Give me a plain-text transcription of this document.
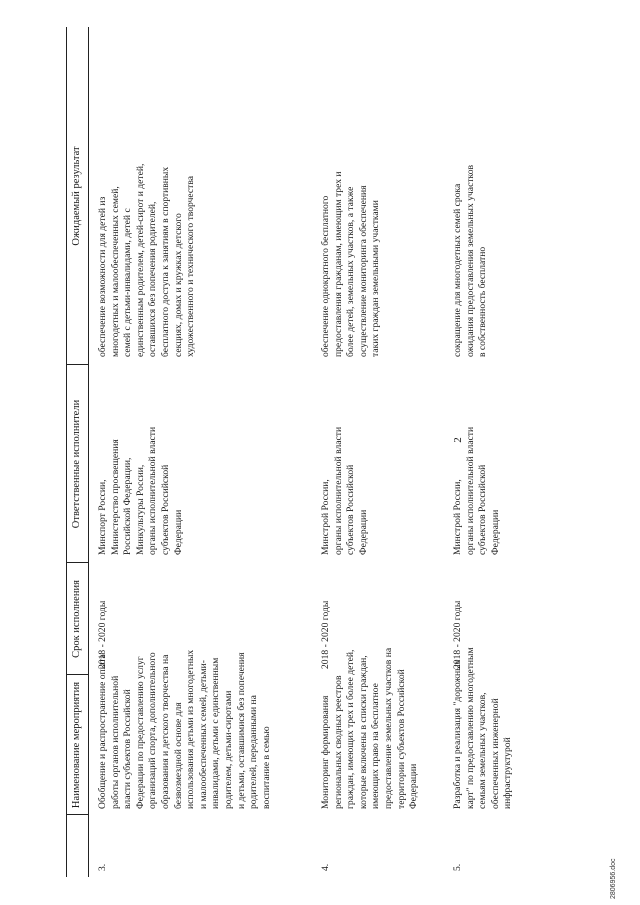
2
2806956.doc
Наименование мероприятия
Срок исполнения
Ответственные исполнители
Ожидаемый результат
3.
Обобщение и распространение опыта работы органов исполнительной власти субъектов Российской Федерации по предоставлению услуг организаций спорта, дополнительного образования и детского творчества на безвозмездной основе для использования детьми из многодетных и малообеспеченных семей, детьми- инвалидами, детьми с единственным родителем, детьми-сиротами и детьми, оставшимися без попечения родителей, переданными на воспитание в семью
2018 - 2020 годы
Минспорт России, Министерство просвещения Российской Федерации, Минкультуры России, органы исполнительной власти субъектов Российской Федерации
обеспечение возможности для детей из многодетных и малообеспеченных семей, семей с детьми-инвалидами, детей с единственным родителем, детей-сирот и детей, оставшихся без попечения родителей, бесплатного доступа к занятиям в спортивных секциях, домах и кружках детского художественного и технического творчества
4.
Мониторинг формирования региональных сводных реестров граждан, имеющих трех и более детей, которые включены в списки граждан, имеющих право на бесплатное предоставление земельных участков на территории субъектов Российской Федерации
2018 - 2020 годы
Минстрой России, органы исполнительной власти субъектов Российской Федерации
обеспечение однократного бесплатного предоставления гражданам, имеющим трех и более детей, земельных участков, а также осуществление мониторинга обеспечения таких граждан земельными участками
5.
Разработка и реализация "дорожных карт" по предоставлению многодетным семьям земельных участков, обеспеченных инженерной инфраструктурой
2018 - 2020 годы
Минстрой России, органы исполнительной власти субъектов Российской Федерации
сокращение для многодетных семей срока ожидания предоставления земельных участков в собственность бесплатно
